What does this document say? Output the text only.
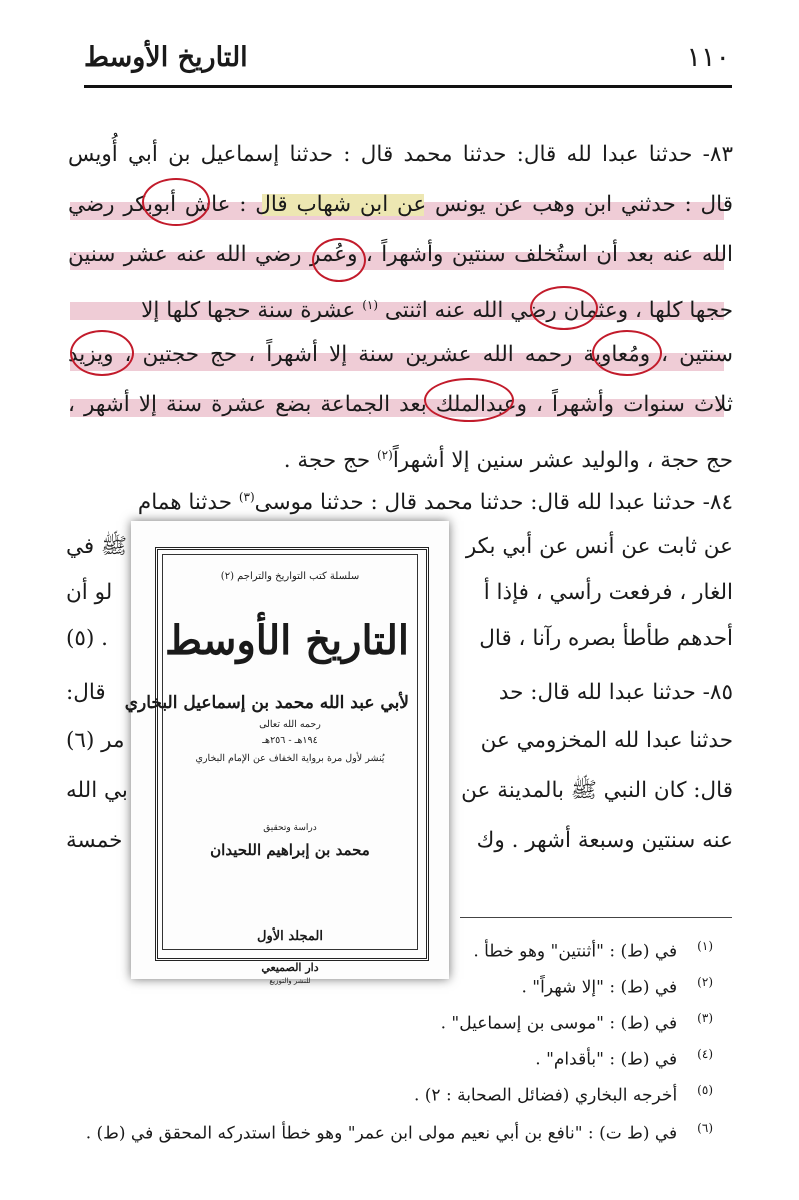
١١٠
التاريخ الأوسط
٨٣- حدثنا عبدا لله قال: حدثنا محمد قال : حدثنا إسماعيل بن أبي أُويس
قال : حدثني ابن وهب عن يونس عن ابن شهاب قال : عاش أبوبكر رضي
الله عنه بعد أن استُخلف سنتين وأشهراً ، وعُمر رضي الله عنه عشر سنين
حجها كلها ، وعثمان رضي الله عنه اثنتى $^{(١)}$ عشرة سنة حجها كلها إلا
سنتين ، ومُعاوية رحمه الله عشرين سنة إلا أشهراً ، حج حجتين ، ويزيد
ثلاث سنوات وأشهراً ، وعبدالملك بعد الجماعة بضع عشرة سنة إلا أشهر ،
حج حجة ، والوليد عشر سنين إلا أشهراً$^{(٢)}$ حج حجة .
٨٤- حدثنا عبدا لله قال: حدثنا محمد قال : حدثنا موسى$^{(٣)}$ حدثنا همام
عن ثابت عن أنس عن أبي بكر
ﷺ في
الغار ، فرفعت رأسي ، فإذا أ
لو أن
أحدهم طأطأ بصره رآنا ، قال
. (٥)
٨٥- حدثنا عبدا لله قال: حد
قال:
حدثنا عبدا لله المخزومي عن
مر (٦)
قال: كان النبي ﷺ بالمدينة عن
بي الله
عنه سنتين وسبعة أشهر . وك
خمسة
$^{(١)}$في (ط) : "أثنتين" وهو خطأ .
$^{(٢)}$في (ط) : "إلا شهراً" .
$^{(٣)}$في (ط) : "موسى بن إسماعيل" .
$^{(٤)}$في (ط) : "بأقدام" .
$^{(٥)}$أخرجه البخاري (فضائل الصحابة : ٢) .
$^{(٦)}$في (ط ت) : "نافع بن أبي نعيم مولى ابن عمر" وهو خطأ استدركه المحقق في (ط) .
سلسلة كتب التواريخ والتراجم (٢)
التاريخ الأوسط
لأبي عبد الله محمد بن إسماعيل البخاري
رحمه الله تعالى
١٩٤هـ - ٢٥٦هـ
يُنشر لأول مرة برواية الخفاف عن الإمام البخاري
دراسة وتحقيق
محمد بن إبراهيم اللحيدان
المجلد الأول
دار الصميعي
للنشر والتوزيع
